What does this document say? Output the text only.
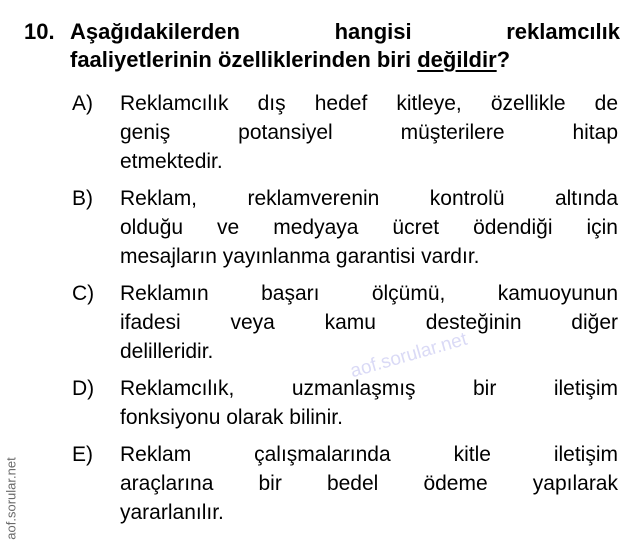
10. Aşağıdakilerden hangisi reklamcılık
faaliyetlerinin özelliklerinden biri değildir?
A)	Reklamcılık dış hedef kitleye, özellikle de
geniş potansiyel müşterilere hitap
etmektedir.
B)	Reklam, reklamverenin kontrolü altında
olduğu ve medyaya ücret ödendiği için
mesajların yayınlanma garantisi vardır.
C)	Reklamın başarı ölçümü, kamuoyunun
ifadesi veya kamu desteğinin diğer
delilleridir.
D)	Reklamcılık, uzmanlaşmış bir iletişim
fonksiyonu olarak bilinir.
E)	Reklam çalışmalarında kitle iletişim
araçlarına bir bedel ödeme yapılarak
yararlanılır.
aof.sorular.net
aof.sorular.net
